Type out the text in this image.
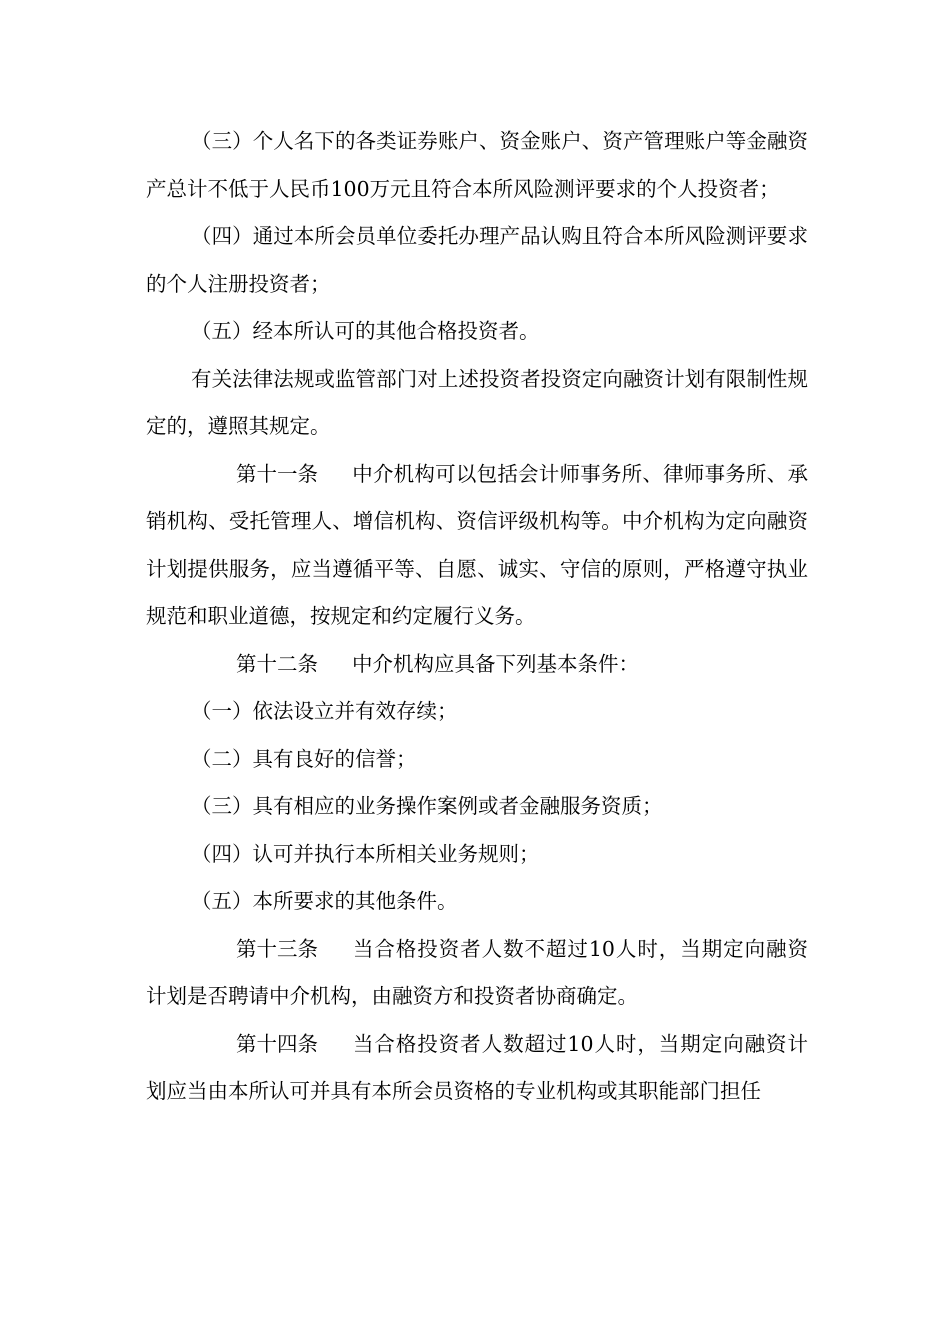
（三）个人名下的各类证券账户、资金账户、资产管理账户等金融资产总计不低于人民币100万元且符合本所风险测评要求的个人投资者；

（四）通过本所会员单位委托办理产品认购且符合本所风险测评要求的个人注册投资者；

（五）经本所认可的其他合格投资者。

有关法律法规或监管部门对上述投资者投资定向融资计划有限制性规定的，遵照其规定。

第十一条 中介机构可以包括会计师事务所、律师事务所、承销机构、受托管理人、增信机构、资信评级机构等。中介机构为定向融资计划提供服务，应当遵循平等、自愿、诚实、守信的原则，严格遵守执业规范和职业道德，按规定和约定履行义务。

第十二条 中介机构应具备下列基本条件：

（一）依法设立并有效存续；

（二）具有良好的信誉；

（三）具有相应的业务操作案例或者金融服务资质；

（四）认可并执行本所相关业务规则；

（五）本所要求的其他条件。

第十三条 当合格投资者人数不超过10人时，当期定向融资计划是否聘请中介机构，由融资方和投资者协商确定。

第十四条 当合格投资者人数超过10人时，当期定向融资计划应当由本所认可并具有本所会员资格的专业机构或其职能部门担任
